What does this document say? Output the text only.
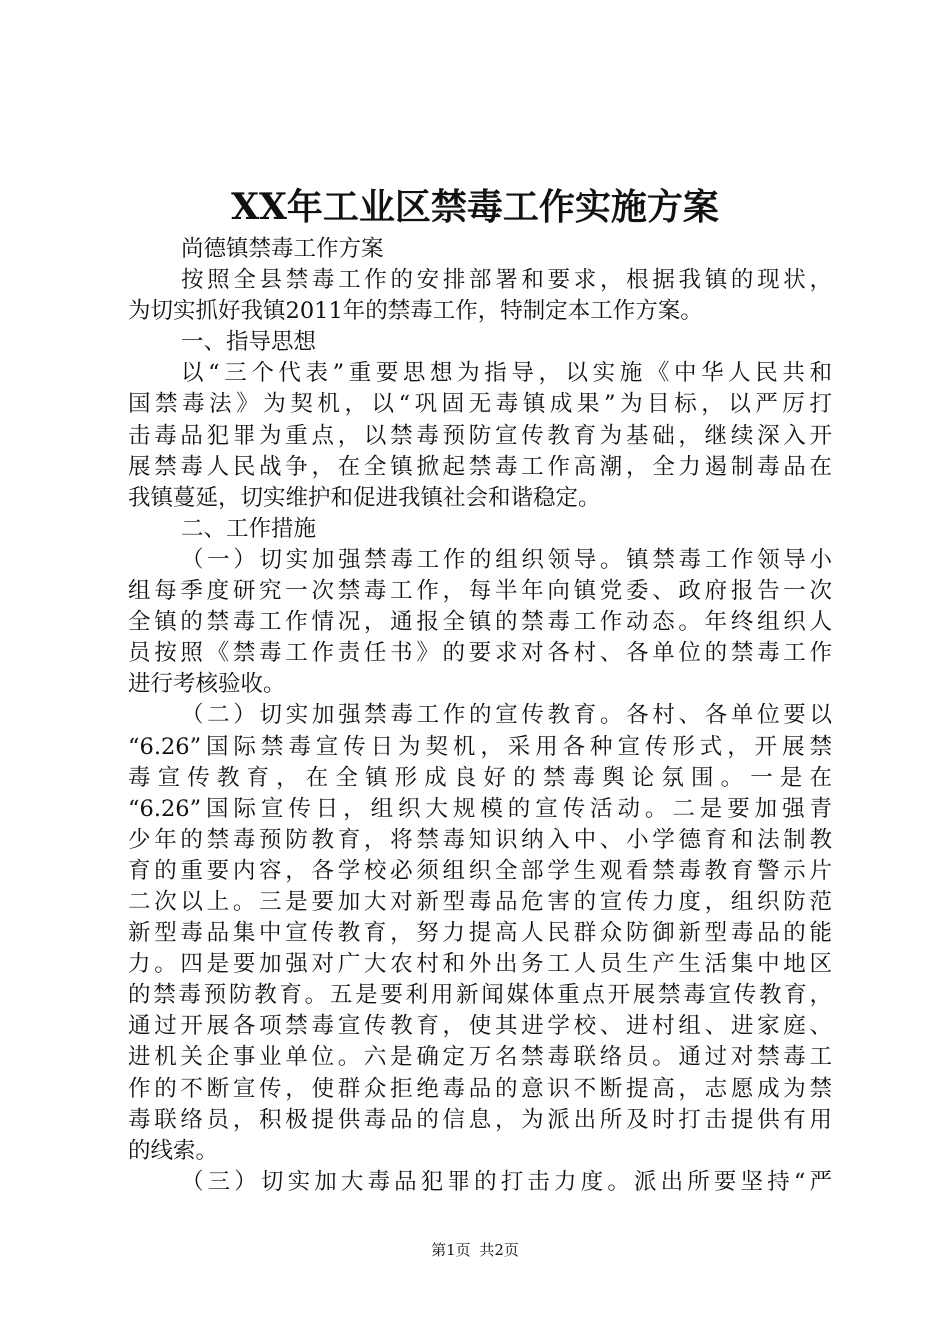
XX年工业区禁毒工作实施方案
尚德镇禁毒工作方案
按照全县禁毒工作的安排部署和要求，根据我镇的现状，
为切实抓好我镇2011年的禁毒工作，特制定本工作方案。
一、指导思想
以“三个代表”重要思想为指导，以实施《中华人民共和
国禁毒法》为契机，以“巩固无毒镇成果”为目标，以严厉打
击毒品犯罪为重点，以禁毒预防宣传教育为基础，继续深入开
展禁毒人民战争，在全镇掀起禁毒工作高潮，全力遏制毒品在
我镇蔓延，切实维护和促进我镇社会和谐稳定。
二、工作措施
（一）切实加强禁毒工作的组织领导。镇禁毒工作领导小
组每季度研究一次禁毒工作，每半年向镇党委、政府报告一次
全镇的禁毒工作情况，通报全镇的禁毒工作动态。年终组织人
员按照《禁毒工作责任书》的要求对各村、各单位的禁毒工作
进行考核验收。
（二）切实加强禁毒工作的宣传教育。各村、各单位要以
“6.26”国际禁毒宣传日为契机，采用各种宣传形式，开展禁
毒宣传教育，在全镇形成良好的禁毒舆论氛围。一是在
“6.26”国际宣传日，组织大规模的宣传活动。二是要加强青
少年的禁毒预防教育，将禁毒知识纳入中、小学德育和法制教
育的重要内容，各学校必须组织全部学生观看禁毒教育警示片
二次以上。三是要加大对新型毒品危害的宣传力度，组织防范
新型毒品集中宣传教育，努力提高人民群众防御新型毒品的能
力。四是要加强对广大农村和外出务工人员生产生活集中地区
的禁毒预防教育。五是要利用新闻媒体重点开展禁毒宣传教育，
通过开展各项禁毒宣传教育，使其进学校、进村组、进家庭、
进机关企事业单位。六是确定万名禁毒联络员。通过对禁毒工
作的不断宣传，使群众拒绝毒品的意识不断提高，志愿成为禁
毒联络员，积极提供毒品的信息，为派出所及时打击提供有用
的线索。
（三）切实加大毒品犯罪的打击力度。派出所要坚持“严
第1页 共2页
